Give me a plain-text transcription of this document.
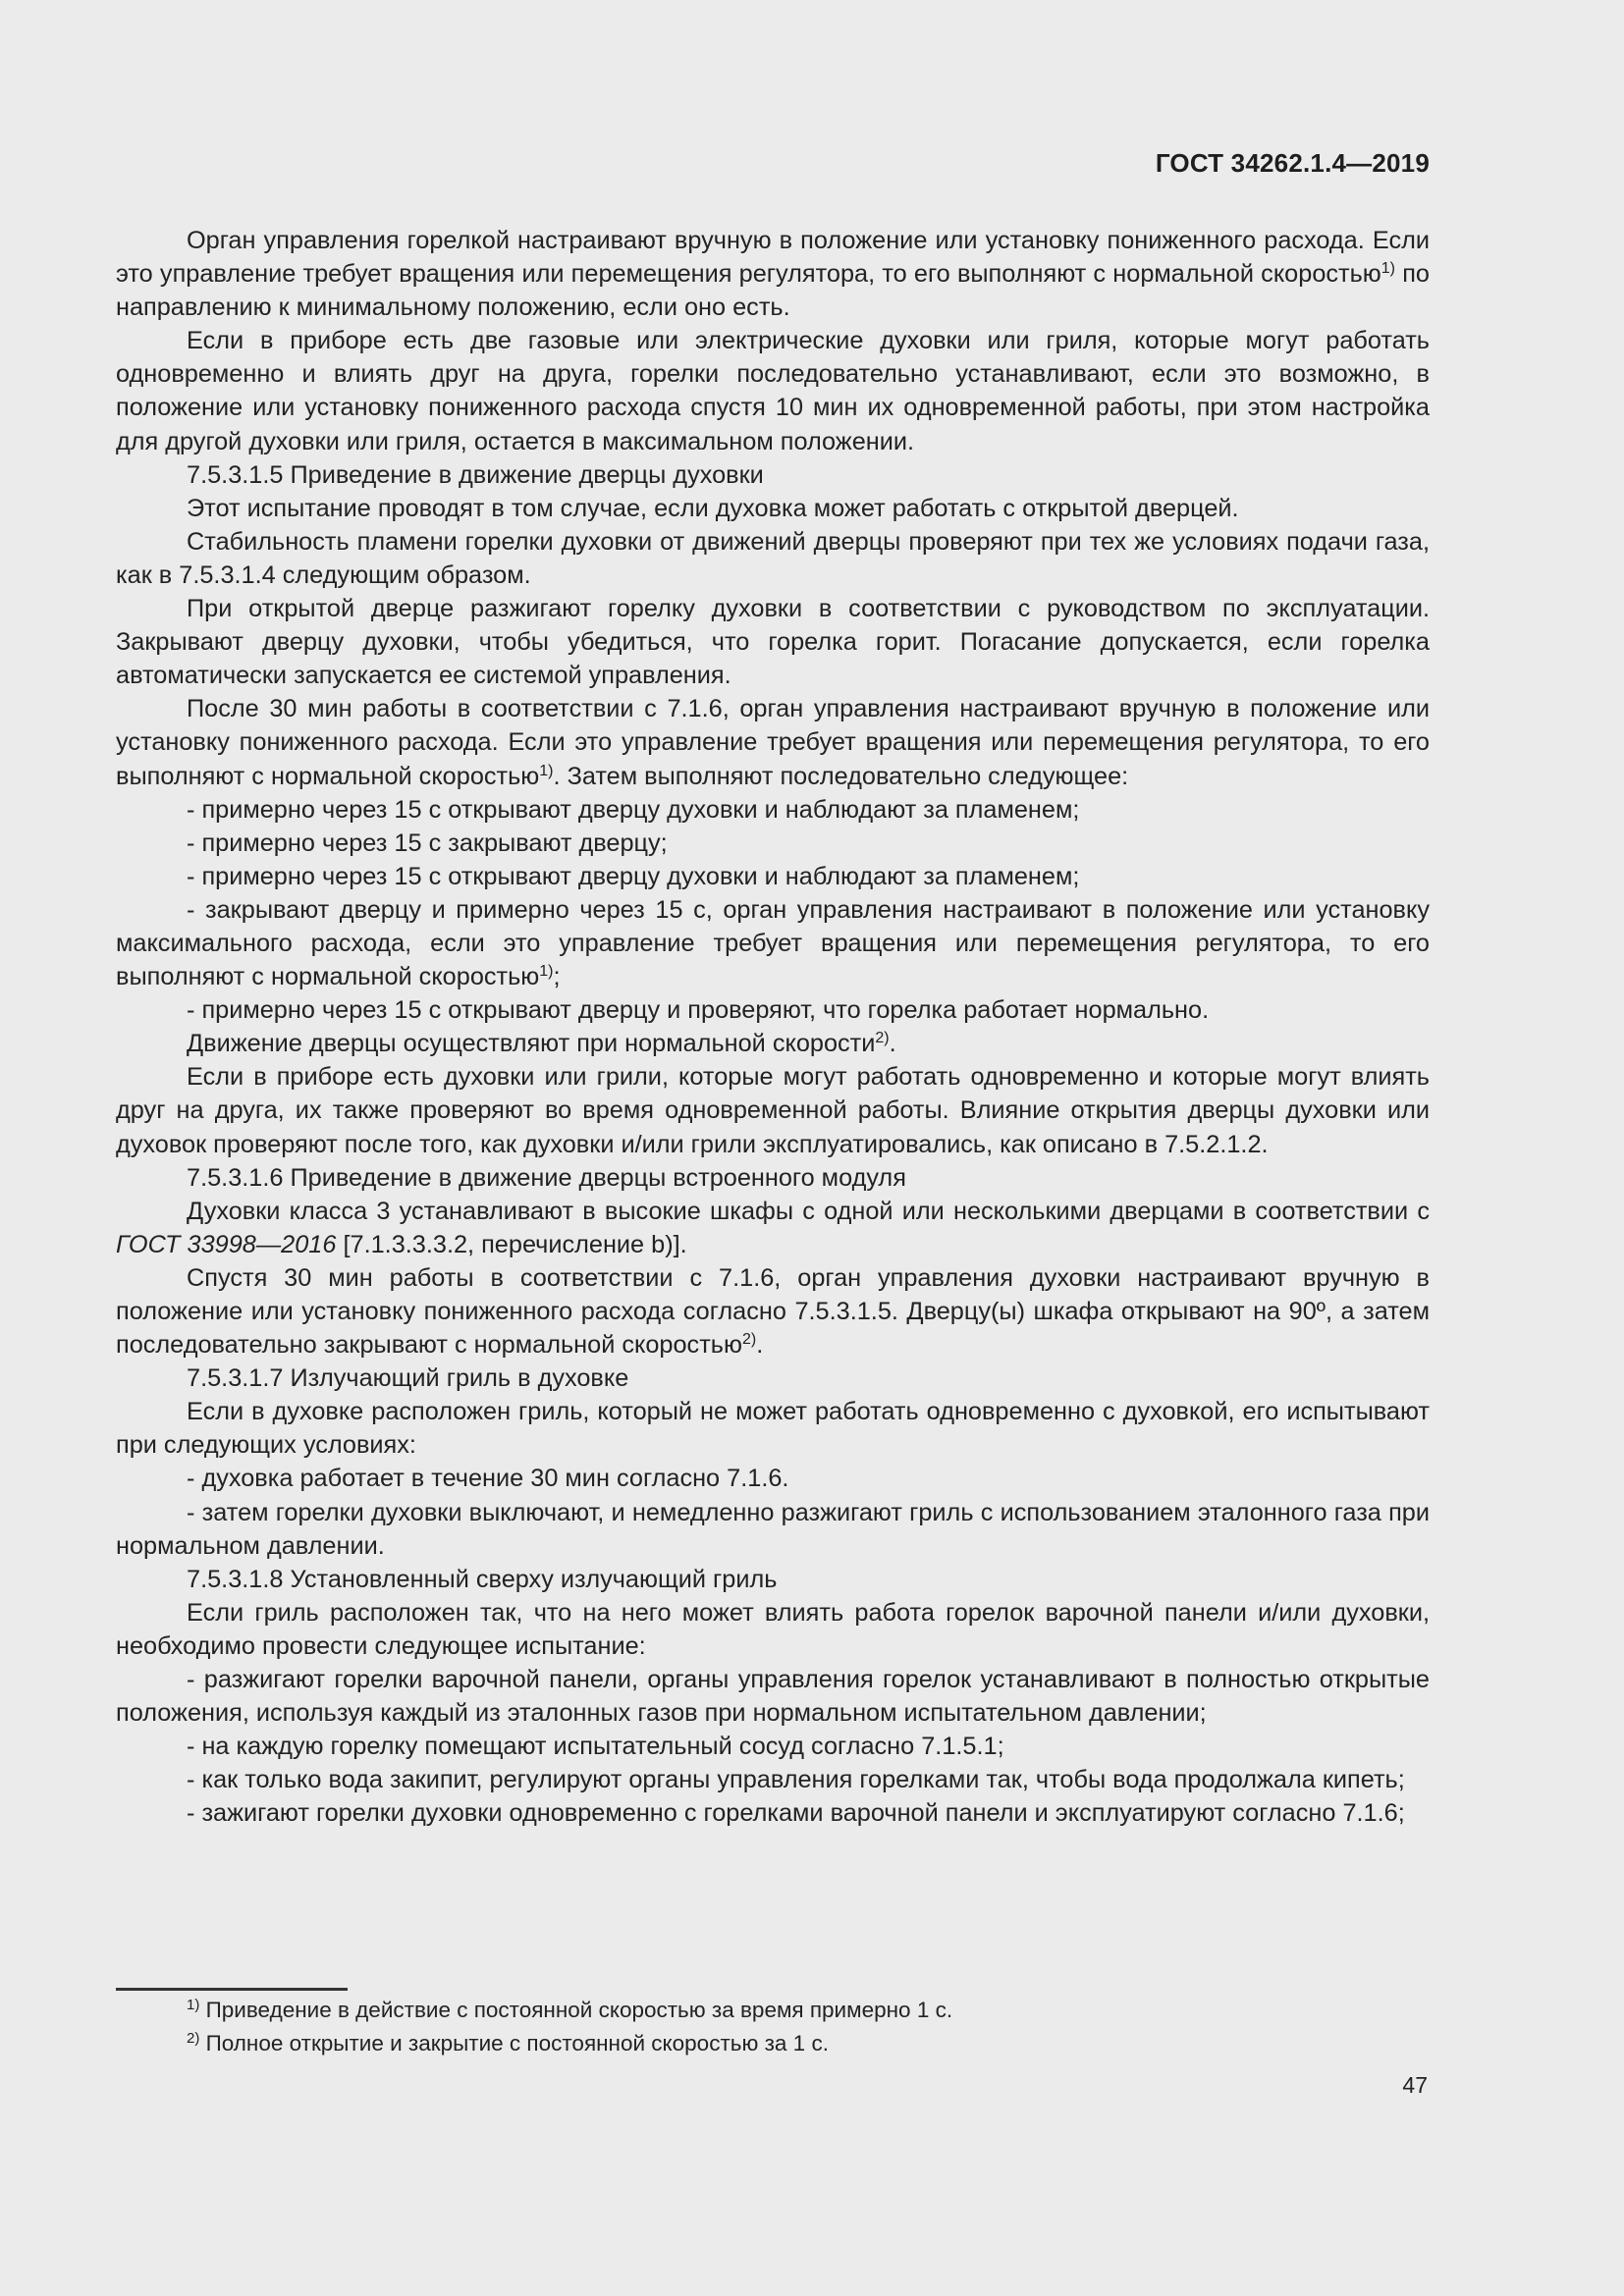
ГОСТ 34262.1.4—2019

Орган управления горелкой настраивают вручную в положение или установку пониженного расхода. Если это управление требует вращения или перемещения регулятора, то его выполняют с нормальной скоростью$^{1)}$ по направлению к минимальному положению, если оно есть.

Если в приборе есть две газовые или электрические духовки или гриля, которые могут работать одновременно и влиять друг на друга, горелки последовательно устанавливают, если это возможно, в положение или установку пониженного расхода спустя 10 мин их одновременной работы, при этом настройка для другой духовки или гриля, остается в максимальном положении.

7.5.3.1.5 Приведение в движение дверцы духовки

Этот испытание проводят в том случае, если духовка может работать с открытой дверцей.

Стабильность пламени горелки духовки от движений дверцы проверяют при тех же условиях подачи газа, как в 7.5.3.1.4 следующим образом.

При открытой дверце разжигают горелку духовки в соответствии с руководством по эксплуатации. Закрывают дверцу духовки, чтобы убедиться, что горелка горит. Погасание допускается, если горелка автоматически запускается ее системой управления.

После 30 мин работы в соответствии с 7.1.6, орган управления настраивают вручную в положение или установку пониженного расхода. Если это управление требует вращения или перемещения регулятора, то его выполняют с нормальной скоростью$^{1)}$. Затем выполняют последовательно следующее:

- примерно через 15 с открывают дверцу духовки и наблюдают за пламенем;

- примерно через 15 с закрывают дверцу;

- примерно через 15 с открывают дверцу духовки и наблюдают за пламенем;

- закрывают дверцу и примерно через 15 с, орган управления настраивают в положение или установку максимального расхода, если это управление требует вращения или перемещения регулятора, то его выполняют с нормальной скоростью$^{1)}$;

- примерно через 15 с открывают дверцу и проверяют, что горелка работает нормально.

Движение дверцы осуществляют при нормальной скорости$^{2)}$.

Если в приборе есть духовки или грили, которые могут работать одновременно и которые могут влиять друг на друга, их также проверяют во время одновременной работы. Влияние открытия дверцы духовки или духовок проверяют после того, как духовки и/или грили эксплуатировались, как описано в 7.5.2.1.2.

7.5.3.1.6 Приведение в движение дверцы встроенного модуля

Духовки класса 3 устанавливают в высокие шкафы с одной или несколькими дверцами в соответствии с ГОСТ 33998—2016 [7.1.3.3.3.2, перечисление b)].

Спустя 30 мин работы в соответствии с 7.1.6, орган управления духовки настраивают вручную в положение или установку пониженного расхода согласно 7.5.3.1.5. Дверцу(ы) шкафа открывают на 90º, а затем последовательно закрывают с нормальной скоростью$^{2)}$.

7.5.3.1.7 Излучающий гриль в духовке

Если в духовке расположен гриль, который не может работать одновременно с духовкой, его испытывают при следующих условиях:

- духовка работает в течение 30 мин согласно 7.1.6.

- затем горелки духовки выключают, и немедленно разжигают гриль с использованием эталонного газа при нормальном давлении.

7.5.3.1.8 Установленный сверху излучающий гриль

Если гриль расположен так, что на него может влиять работа горелок варочной панели и/или духовки, необходимо провести следующее испытание:

- разжигают горелки варочной панели, органы управления горелок устанавливают в полностью открытые положения, используя каждый из эталонных газов при нормальном испытательном давлении;

- на каждую горелку помещают испытательный сосуд согласно 7.1.5.1;

- как только вода закипит, регулируют органы управления горелками так, чтобы вода продолжала кипеть;

- зажигают горелки духовки одновременно с горелками варочной панели и эксплуатируют согласно 7.1.6;

$^{1)}$ Приведение в действие с постоянной скоростью за время примерно 1 с.
$^{2)}$ Полное открытие и закрытие с постоянной скоростью за 1 с.
47
